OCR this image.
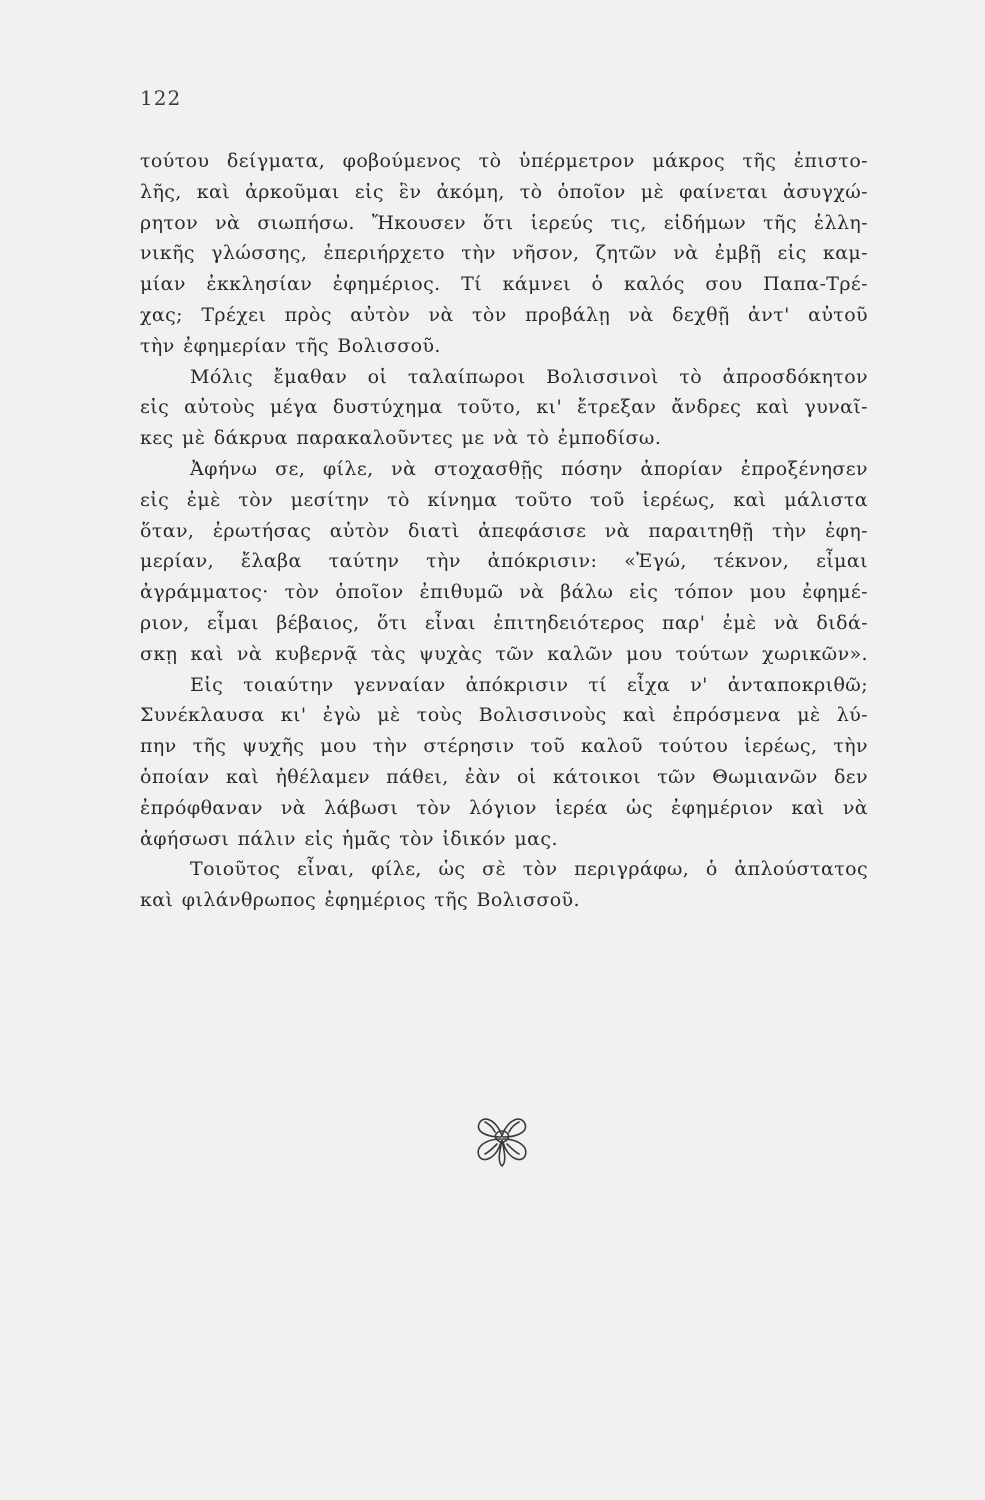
122
τούτου δείγματα, φοβούμενος τὸ ὑπέρμετρον μάκρος τῆς ἐπιστο-
λῆς, καὶ ἀρκοῦμαι εἰς ἓν ἀκόμη, τὸ ὁποῖον μὲ φαίνεται ἀσυγχώ-
ρητον νὰ σιωπήσω. Ἤκουσεν ὅτι ἱερεύς τις, εἰδήμων τῆς ἑλλη-
νικῆς γλώσσης, ἐπεριήρχετο τὴν νῆσον, ζητῶν νὰ ἐμβῇ εἰς καμ-
μίαν ἐκκλησίαν ἐφημέριος. Τί κάμνει ὁ καλός σου Παπα-Τρέ-
χας; Τρέχει πρὸς αὐτὸν νὰ τὸν προβάλῃ νὰ δεχθῇ ἀντ' αὐτοῦ
τὴν ἐφημερίαν τῆς Βολισσοῦ.
Μόλις ἔμαθαν οἱ ταλαίπωροι Βολισσινοὶ τὸ ἀπροσδόκητον
εἰς αὐτοὺς μέγα δυστύχημα τοῦτο, κι' ἔτρεξαν ἄνδρες καὶ γυναῖ-
κες μὲ δάκρυα παρακαλοῦντες με νὰ τὸ ἐμποδίσω.
Ἀφήνω σε, φίλε, νὰ στοχασθῇς πόσην ἀπορίαν ἐπροξένησεν
εἰς ἐμὲ τὸν μεσίτην τὸ κίνημα τοῦτο τοῦ ἱερέως, καὶ μάλιστα
ὅταν, ἐρωτήσας αὐτὸν διατὶ ἀπεφάσισε νὰ παραιτηθῇ τὴν ἐφη-
μερίαν, ἔλαβα ταύτην τὴν ἀπόκρισιν: «Ἐγώ, τέκνον, εἶμαι
ἀγράμματος· τὸν ὁποῖον ἐπιθυμῶ νὰ βάλω εἰς τόπον μου ἐφημέ-
ριον, εἶμαι βέβαιος, ὅτι εἶναι ἐπιτηδειότερος παρ' ἐμὲ νὰ διδά-
σκῃ καὶ νὰ κυβερνᾷ τὰς ψυχὰς τῶν καλῶν μου τούτων χωρικῶν».
Εἰς τοιαύτην γενναίαν ἀπόκρισιν τί εἶχα ν' ἀνταποκριθῶ;
Συνέκλαυσα κι' ἐγὼ μὲ τοὺς Βολισσινοὺς καὶ ἐπρόσμενα μὲ λύ-
πην τῆς ψυχῆς μου τὴν στέρησιν τοῦ καλοῦ τούτου ἱερέως, τὴν
ὁποίαν καὶ ἠθέλαμεν πάθει, ἐὰν οἱ κάτοικοι τῶν Θωμιανῶν δεν
ἐπρόφθαναν νὰ λάβωσι τὸν λόγιον ἱερέα ὡς ἐφημέριον καὶ νὰ
ἀφήσωσι πάλιν εἰς ἡμᾶς τὸν ἰδικόν μας.
Τοιοῦτος εἶναι, φίλε, ὡς σὲ τὸν περιγράφω, ὁ ἁπλούστατος
καὶ φιλάνθρωπος ἐφημέριος τῆς Βολισσοῦ.
